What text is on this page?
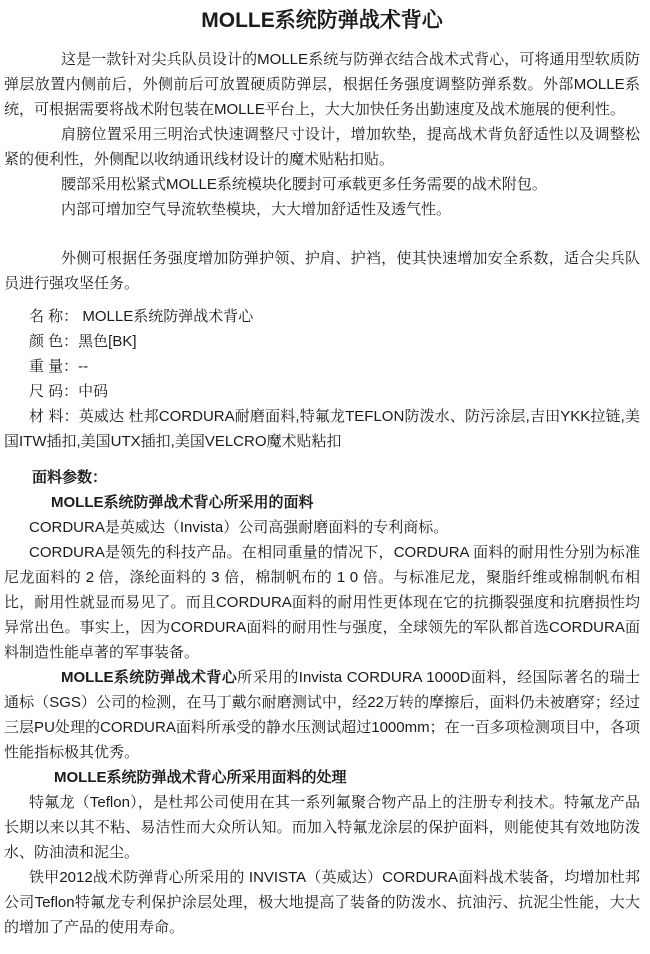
MOLLE系统防弹战术背心

这是一款针对尖兵队员设计的MOLLE系统与防弹衣结合战术式背心，可将通用型软质防弹层放置内侧前后，外侧前后可放置硬质防弹层，根据任务强度调整防弹系数。外部MOLLE系统，可根据需要将战术附包装在MOLLE平台上，大大加快任务出勤速度及战术施展的便利性。

肩膀位置采用三明治式快速调整尺寸设计，增加软垫，提高战术背负舒适性以及调整松紧的便利性，外侧配以收纳通讯线材设计的魔术贴粘扣贴。

腰部采用松紧式MOLLE系统模块化腰封可承载更多任务需要的战术附包。

内部可增加空气导流软垫模块，大大增加舒适性及透气性。

外侧可根据任务强度增加防弹护领、护肩、护裆，使其快速增加安全系数，适合尖兵队员进行强攻坚任务。

名 称： MOLLE系统防弹战术背心

颜 色：黑色[BK]

重 量：--

尺 码：中码

材 料：英威达 杜邦CORDURA耐磨面料,特氟龙TEFLON防泼水、防污涂层,吉田YKK拉链,美国ITW插扣,美国UTX插扣,美国VELCRO魔术贴粘扣

面料参数：

MOLLE系统防弹战术背心所采用的面料

CORDURA是英威达（Invista）公司高强耐磨面料的专利商标。

CORDURA是领先的科技产品。在相同重量的情况下，CORDURA 面料的耐用性分别为标准尼龙面料的 2 倍，涤纶面料的 3 倍，棉制帆布的 1 0 倍。与标准尼龙，聚脂纤维或棉制帆布相比，耐用性就显而易见了。而且CORDURA面料的耐用性更体现在它的抗撕裂强度和抗磨损性均异常出色。事实上，因为CORDURA面料的耐用性与强度，全球领先的军队都首选CORDURA面料制造性能卓著的军事装备。

MOLLE系统防弹战术背心所采用的Invista CORDURA 1000D面料，经国际著名的瑞士通标（SGS）公司的检测，在马丁戴尔耐磨测试中，经22万转的摩擦后，面料仍未被磨穿；经过三层PU处理的CORDURA面料所承受的静水压测试超过1000mm；在一百多项检测项目中，各项性能指标极其优秀。

MOLLE系统防弹战术背心所采用面料的处理

特氟龙（Teflon），是杜邦公司使用在其一系列氟聚合物产品上的注册专利技术。特氟龙产品长期以来以其不粘、易洁性而大众所认知。而加入特氟龙涂层的保护面料，则能使其有效地防泼水、防油渍和泥尘。

铁甲2012战术防弹背心所采用的 INVISTA（英威达）CORDURA面料战术装备，均增加杜邦公司Teflon特氟龙专利保护涂层处理，极大地提高了装备的防泼水、抗油污、抗泥尘性能，大大的增加了产品的使用寿命。
